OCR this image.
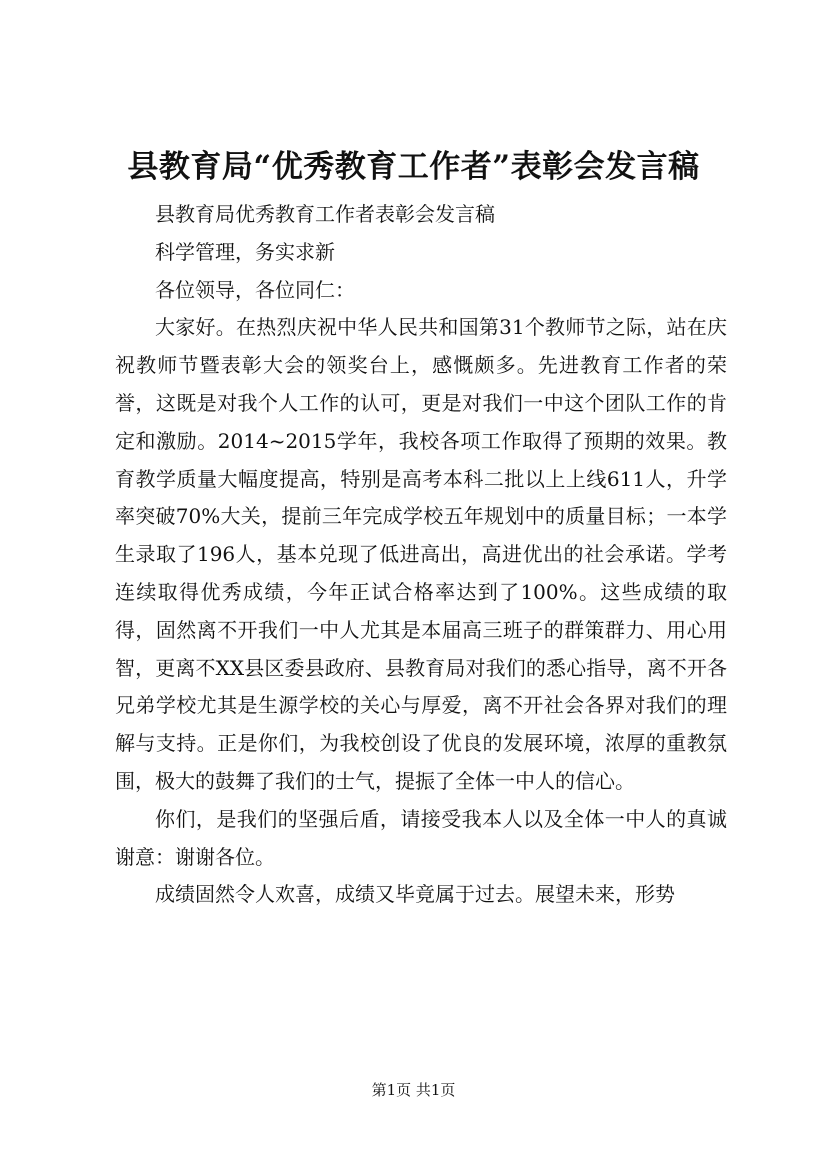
县教育局“优秀教育工作者”表彰会发言稿

县教育局优秀教育工作者表彰会发言稿

科学管理，务实求新

各位领导，各位同仁：

大家好。在热烈庆祝中华人民共和国第31个教师节之际，站在庆祝教师节暨表彰大会的领奖台上，感慨颇多。先进教育工作者的荣誉，这既是对我个人工作的认可，更是对我们一中这个团队工作的肯定和激励。2014~2015学年，我校各项工作取得了预期的效果。教育教学质量大幅度提高，特别是高考本科二批以上上线611人，升学率突破70%大关，提前三年完成学校五年规划中的质量目标；一本学生录取了196人，基本兑现了低进高出，高进优出的社会承诺。学考连续取得优秀成绩，今年正试合格率达到了100%。这些成绩的取得，固然离不开我们一中人尤其是本届高三班子的群策群力、用心用智，更离不XX县区委县政府、县教育局对我们的悉心指导，离不开各兄弟学校尤其是生源学校的关心与厚爱，离不开社会各界对我们的理解与支持。正是你们，为我校创设了优良的发展环境，浓厚的重教氛围，极大的鼓舞了我们的士气，提振了全体一中人的信心。

你们，是我们的坚强后盾，请接受我本人以及全体一中人的真诚谢意：谢谢各位。

成绩固然令人欢喜，成绩又毕竟属于过去。展望未来，形势

第1页 共1页
